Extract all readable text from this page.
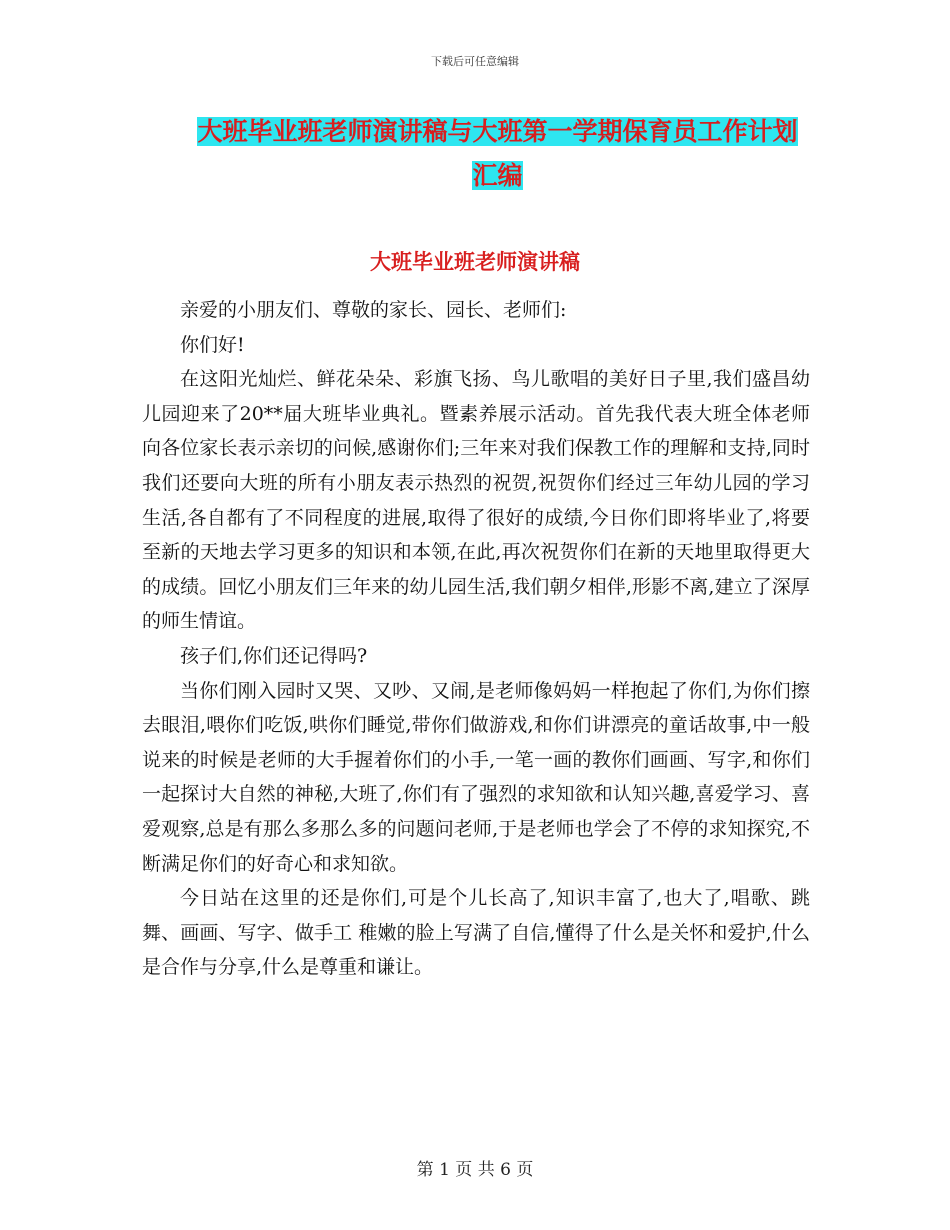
下载后可任意编辑
大班毕业班老师演讲稿与大班第一学期保育员工作计划汇编
大班毕业班老师演讲稿

亲爱的小朋友们、尊敬的家长、园长、老师们:

你们好!

在这阳光灿烂、鲜花朵朵、彩旗飞扬、鸟儿歌唱的美好日子里,我们盛昌幼儿园迎来了20**届大班毕业典礼。暨素养展示活动。首先我代表大班全体老师向各位家长表示亲切的问候,感谢你们;三年来对我们保教工作的理解和支持,同时我们还要向大班的所有小朋友表示热烈的祝贺,祝贺你们经过三年幼儿园的学习生活,各自都有了不同程度的进展,取得了很好的成绩,今日你们即将毕业了,将要至新的天地去学习更多的知识和本领,在此,再次祝贺你们在新的天地里取得更大的成绩。回忆小朋友们三年来的幼儿园生活,我们朝夕相伴,形影不离,建立了深厚的师生情谊。

孩子们,你们还记得吗?

当你们刚入园时又哭、又吵、又闹,是老师像妈妈一样抱起了你们,为你们擦去眼泪,喂你们吃饭,哄你们睡觉,带你们做游戏,和你们讲漂亮的童话故事,中一般说来的时候是老师的大手握着你们的小手,一笔一画的教你们画画、写字,和你们一起探讨大自然的神秘,大班了,你们有了强烈的求知欲和认知兴趣,喜爱学习、喜爱观察,总是有那么多那么多的问题问老师,于是老师也学会了不停的求知探究,不断满足你们的好奇心和求知欲。

今日站在这里的还是你们,可是个儿长高了,知识丰富了,也大了,唱歌、跳舞、画画、写字、做手工 稚嫩的脸上写满了自信,懂得了什么是关怀和爱护,什么是合作与分享,什么是尊重和谦让。

第 1 页 共 6 页
